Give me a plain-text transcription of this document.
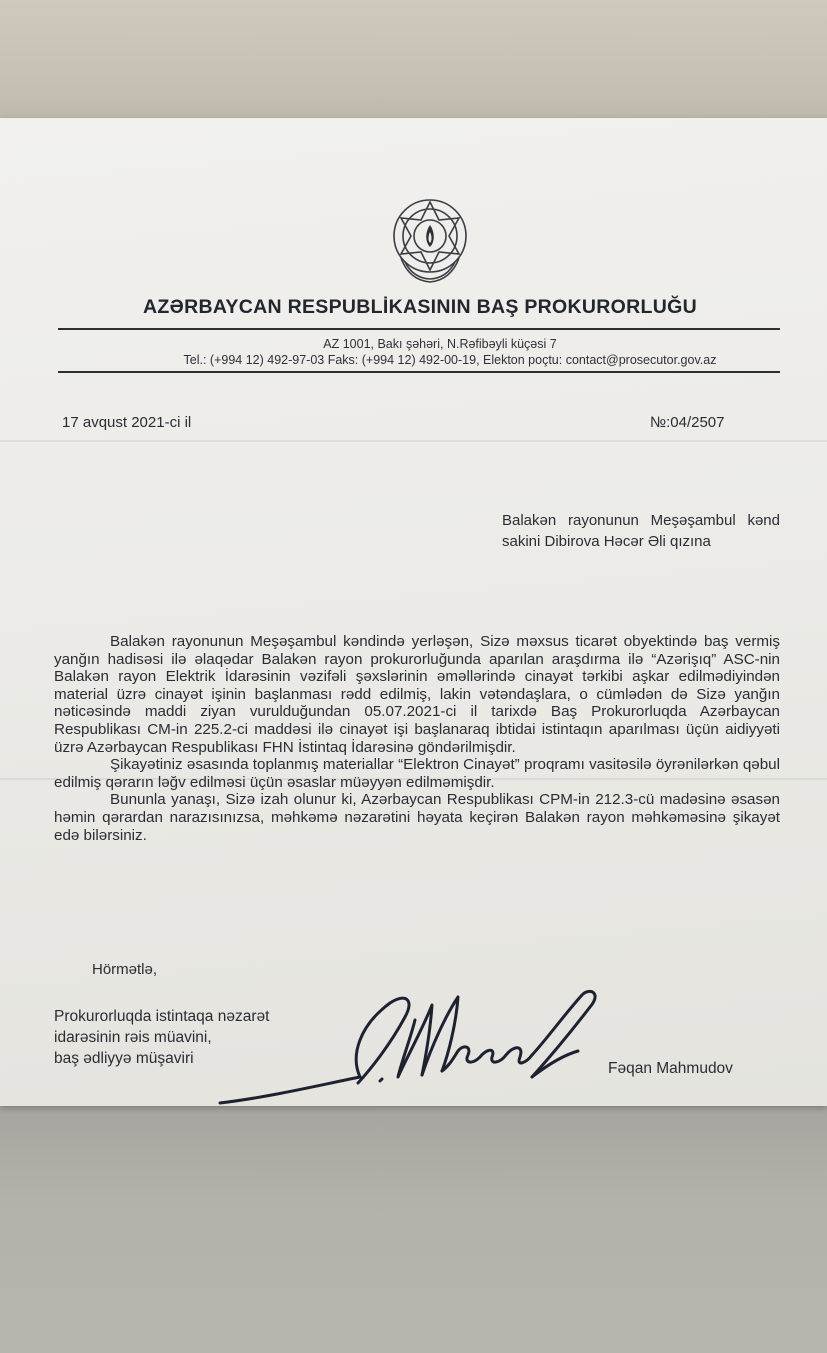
AZƏRBAYCAN RESPUBLİKASININ BAŞ PROKURORLUĞU
AZ 1001, Bakı şəhəri, N.Rəfibəyli küçəsi 7
Tel.: (+994 12) 492-97-03 Faks: (+994 12) 492-00-19, Elekton poçtu: contact@prosecutor.gov.az
17 avqust 2021-ci il	№:04/2507
Balakən rayonunun Meşəşambul kənd sakini Dibirova Həcər Əli qızına

Balakən rayonunun Meşəşambul kəndində yerləşən, Sizə məxsus ticarət obyektində baş vermiş yanğın hadisəsi ilə əlaqədar Balakən rayon prokurorluğunda aparılan araşdırma ilə “Azərişıq” ASC-nin Balakən rayon Elektrik İdarəsinin vəzifəli şəxslərinin əməllərində cinayət tərkibi aşkar edilmədiyindən material üzrə cinayət işinin başlanması rədd edilmiş, lakin vətəndaşlara, o cümlədən də Sizə yanğın nəticəsində maddi ziyan vurulduğundan 05.07.2021-ci il tarixdə Baş Prokurorluqda Azərbaycan Respublikası CM-in 225.2-ci maddəsi ilə cinayət işi başlanaraq ibtidai istintaqın aparılması üçün aidiyyəti üzrə Azərbaycan Respublikası FHN İstintaq İdarəsinə göndərilmişdir.

Şikayətiniz əsasında toplanmış materiallar “Elektron Cinayət” proqramı vasitəsilə öyrənilərkən qəbul edilmiş qərarın ləğv edilməsi üçün əsaslar müəyyən edilməmişdir.

Bununla yanaşı, Sizə izah olunur ki, Azərbaycan Respublikası CPM-in 212.3-cü madəsinə əsasən həmin qərardan narazısınızsa, məhkəmə nəzarətini həyata keçirən Balakən rayon məhkəməsinə şikayət edə bilərsiniz.

Hörmətlə,
Prokurorluqda istintaqa nəzarət
idarəsinin rəis müavini,
baş ədliyyə müşaviri
Fəqan Mahmudov
